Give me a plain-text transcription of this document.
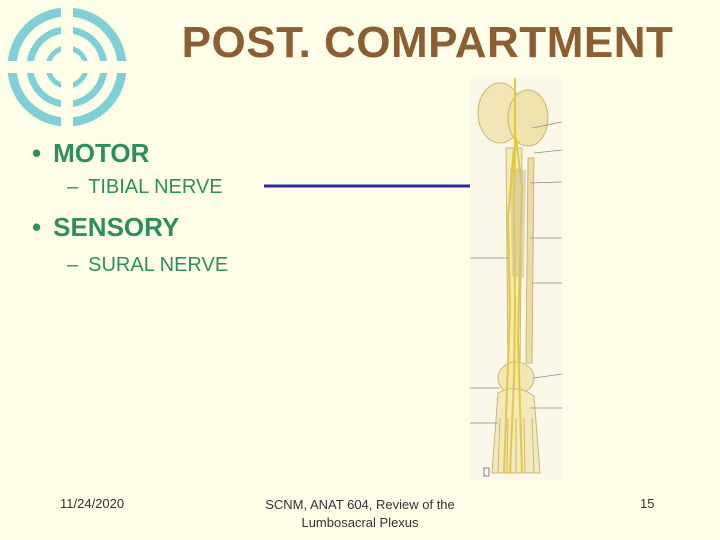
POST. COMPARTMENT
• MOTOR
– TIBIAL NERVE
• SENSORY
– SURAL NERVE
11/24/2020	SCNM, ANAT 604, Review of the
Lumbosacral Plexus
15
